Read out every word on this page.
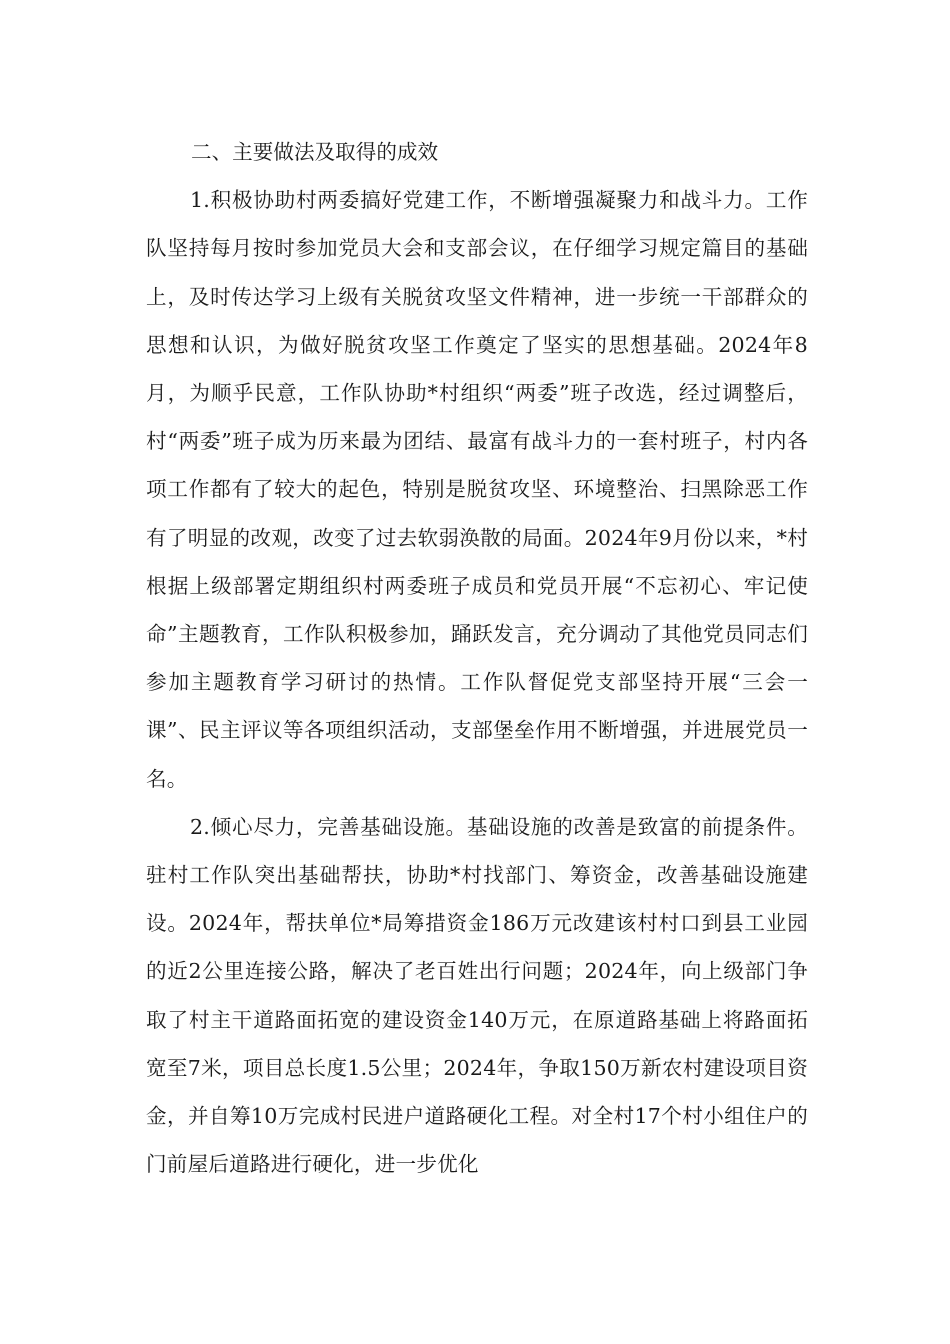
二、主要做法及取得的成效

1.积极协助村两委搞好党建工作，不断增强凝聚力和战斗力。工作队坚持每月按时参加党员大会和支部会议，在仔细学习规定篇目的基础上，及时传达学习上级有关脱贫攻坚文件精神，进一步统一干部群众的思想和认识，为做好脱贫攻坚工作奠定了坚实的思想基础。2024年8月，为顺乎民意，工作队协助*村组织“两委”班子改选，经过调整后，村“两委”班子成为历来最为团结、最富有战斗力的一套村班子，村内各项工作都有了较大的起色，特别是脱贫攻坚、环境整治、扫黑除恶工作有了明显的改观，改变了过去软弱涣散的局面。2024年9月份以来，*村根据上级部署定期组织村两委班子成员和党员开展“不忘初心、牢记使命”主题教育，工作队积极参加，踊跃发言，充分调动了其他党员同志们参加主题教育学习研讨的热情。工作队督促党支部坚持开展“三会一课”、民主评议等各项组织活动，支部堡垒作用不断增强，并进展党员一名。

2.倾心尽力，完善基础设施。基础设施的改善是致富的前提条件。驻村工作队突出基础帮扶，协助*村找部门、筹资金，改善基础设施建设。2024年，帮扶单位*局筹措资金186万元改建该村村口到县工业园的近2公里连接公路，解决了老百姓出行问题；2024年，向上级部门争取了村主干道路面拓宽的建设资金140万元，在原道路基础上将路面拓宽至7米，项目总长度1.5公里；2024年，争取150万新农村建设项目资金，并自筹10万完成村民进户道路硬化工程。对全村17个村小组住户的门前屋后道路进行硬化，进一步优化
